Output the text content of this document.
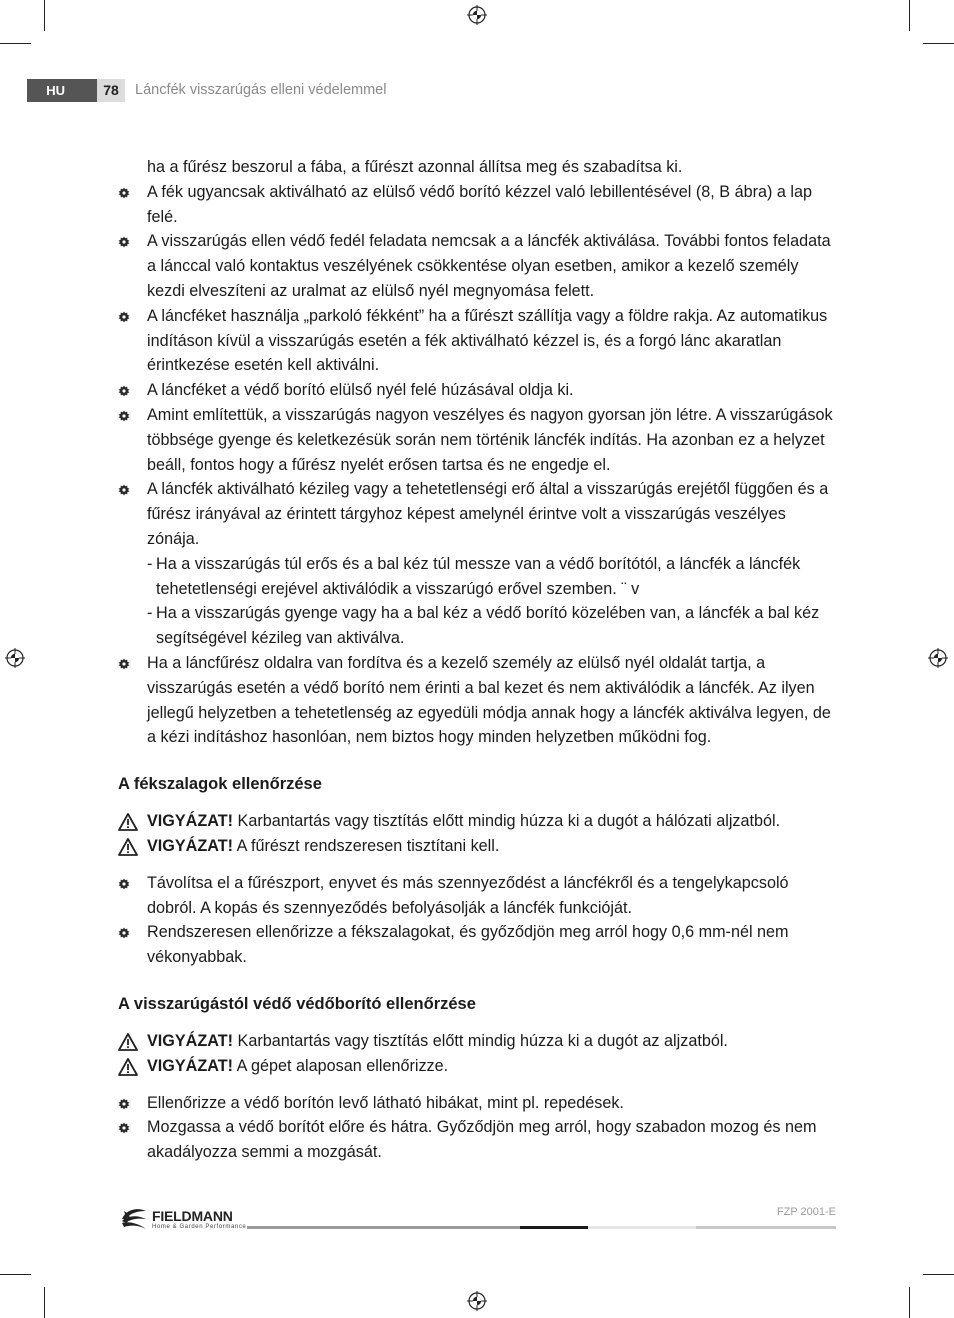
HU	78	Láncfék visszarúgás elleni védelemmel

ha a fűrész beszorul a fába, a fűrészt azonnal állítsa meg és szabadítsa ki.

A fék ugyancsak aktiválható az elülső védő borító kézzel való lebillentésével (8, B ábra) a lap felé.
A visszarúgás ellen védő fedél feladata nemcsak a a láncfék aktiválása. További fontos feladata a lánccal való kontaktus veszélyének csökkentése olyan esetben, amikor a kezelő személy kezdi elveszíteni az uralmat az elülső nyél megnyomása felett.
A láncféket használja „parkoló fékként” ha a fűrészt szállítja vagy a földre rakja. Az automatikus indításon kívül a visszarúgás esetén a fék aktiválható kézzel is, és a forgó lánc akaratlan érintkezése esetén kell aktiválni.
A láncféket a védő borító elülső nyél felé húzásával oldja ki.
Amint említettük, a visszarúgás nagyon veszélyes és nagyon gyorsan jön létre. A visszarúgások többsége gyenge és keletkezésük során nem történik láncfék indítás. Ha azonban ez a helyzet beáll, fontos hogy a fűrész nyelét erősen tartsa és ne engedje el.
A láncfék aktiválható kézileg vagy a tehetetlenségi erő által a visszarúgás erejétől függően és a fűrész irányával az érintett tárgyhoz képest amelynél érintve volt a visszarúgás veszélyes zónája.
- Ha a visszarúgás túl erős és a bal kéz túl messze van a védő borítótól, a láncfék a láncfék tehetetlenségi erejével aktiválódik a visszarúgó erővel szemben. ¨ v
- Ha a visszarúgás gyenge vagy ha a bal kéz a védő borító közelében van, a láncfék a bal kéz segítségével kézileg van aktiválva.
Ha a láncfűrész oldalra van fordítva és a kezelő személy az elülső nyél oldalát tartja, a visszarúgás esetén a védő borító nem érinti a bal kezet és nem aktiválódik a láncfék. Az ilyen jellegű helyzetben a tehetetlenség az egyedüli módja annak hogy a láncfék aktiválva legyen, de a kézi indításhoz hasonlóan, nem biztos hogy minden helyzetben működni fog.
A fékszalagok ellenőrzése
VIGYÁZAT! Karbantartás vagy tisztítás előtt mindig húzza ki a dugót a hálózati aljzatból.
VIGYÁZAT! A fűrészt rendszeresen tisztítani kell.
Távolítsa el a fűrészport, enyvet és más szennyeződést a láncfékről és a tengelykapcsoló dobról. A kopás és szennyeződés befolyásolják a láncfék funkcióját.
Rendszeresen ellenőrizze a fékszalagokat, és győződjön meg arról hogy 0,6 mm-nél nem vékonyabbak.
A visszarúgástól védő védőborító ellenőrzése
VIGYÁZAT! Karbantartás vagy tisztítás előtt mindig húzza ki a dugót az aljzatból.
VIGYÁZAT! A gépet alaposan ellenőrizze.
Ellenőrizze a védő borítón levő látható hibákat, mint pl. repedések.
Mozgassa a védő borítót előre és hátra. Győződjön meg arról, hogy szabadon mozog és nem akadályozza semmi a mozgását.
FIELDMANN
Home & Garden Performance
FZP 2001-E
